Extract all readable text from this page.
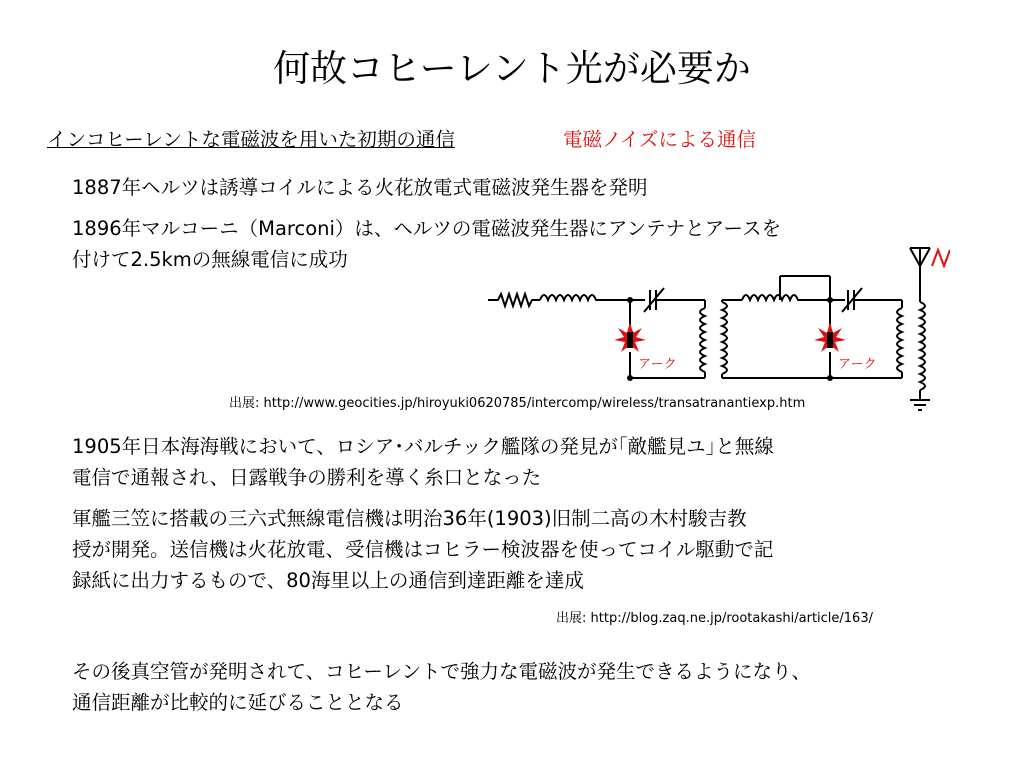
何故コヒーレント光が必要か
インコヒーレントな電磁波を用いた初期の通信	電磁ノイズによる通信
1887年ヘルツは誘導コイルによる火花放電式電磁波発生器を発明
1896年マルコーニ（Marconi）は、ヘルツの電磁波発生器にアンテナとアースを
付けて2.5kmの無線電信に成功
アーク	アーク
出展: http://www.geocities.jp/hiroyuki0620785/intercomp/wireless/transatranantiexp.htm
1905年日本海海戦において、ロシア･バルチック艦隊の発見が｢敵艦見ユ｣と無線
電信で通報され、日露戦争の勝利を導く糸口となった
軍艦三笠に搭載の三六式無線電信機は明治36年(1903)旧制二高の木村駿吉教
授が開発。送信機は火花放電、受信機はコヒラー検波器を使ってコイル駆動で記
録紙に出力するもので、80海里以上の通信到達距離を達成
出展: http://blog.zaq.ne.jp/rootakashi/article/163/
その後真空管が発明されて、コヒーレントで強力な電磁波が発生できるようになり、
通信距離が比較的に延びることとなる
